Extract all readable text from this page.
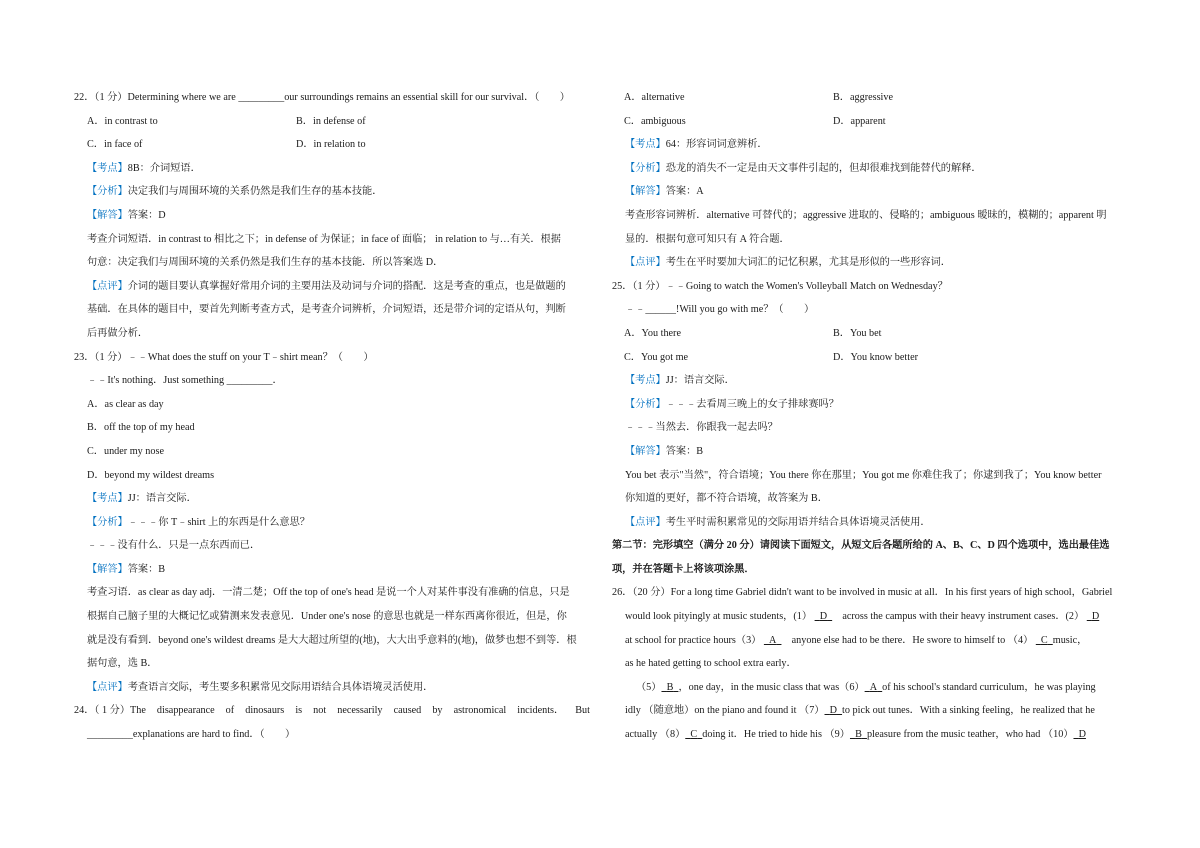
22．（1 分）Determining where we are _________our surroundings remains an essential skill for our survival．（　　）
A．in contrast to	B．in defense of
C．in face of	D．in relation to
【考点】8B：介词短语．
【分析】决定我们与周围环境的关系仍然是我们生存的基本技能．
【解答】答案：D
考查介词短语．in contrast to 相比之下；in defense of 为保证；in face of 面临； in relation to 与…有关．根据
句意：决定我们与周围环境的关系仍然是我们生存的基本技能．所以答案选 D．
【点评】介词的题目要认真掌握好常用介词的主要用法及动词与介词的搭配．这是考查的重点，也是做题的
基础．在具体的题目中，要首先判断考查方式，是考查介词辨析，介词短语，还是带介词的定语从句，判断
后再做分析．
23．（1 分）﹣﹣What does the stuff on your T﹣shirt mean？（　　）
﹣﹣It's nothing．Just something _________．
A．as clear as day
B．off the top of my head
C．under my nose
D．beyond my wildest dreams
【考点】JJ：语言交际．
【分析】﹣﹣﹣你 T﹣shirt 上的东西是什么意思？
﹣﹣﹣没有什么．只是一点东西而已．
【解答】答案：B
考查习语．as clear as day adj．一清二楚；Off the top of one's head 是说一个人对某件事没有准确的信息，只是
根据自己脑子里的大概记忆或猜测来发表意见．Under one's nose 的意思也就是一样东西离你很近，但是，你
就是没有看到．beyond one's wildest dreams 是大大超过所望的(地)，大大出乎意料的(地)，做梦也想不到等．根
据句意，选 B．
【点评】考查语言交际，考生要多积累常见交际用语结合具体语境灵活使用．
24．（ 1 分）The disappearance of dinosaurs is not necessarily caused by astronomical incidents． But
_________explanations are hard to find．（　　）
A．alternative	B．aggressive
C．ambiguous	D．apparent
【考点】64：形容词词意辨析．
【分析】恐龙的消失不一定是由天文事件引起的，但却很难找到能替代的解释．
【解答】答案：A
考查形容词辨析．alternative 可替代的；aggressive 进取的、侵略的；ambiguous 暧昧的，模糊的；apparent 明
显的．根据句意可知只有 A 符合题．
【点评】考生在平时要加大词汇的记忆积累，尤其是形似的一些形容词．
25．（1 分）﹣﹣Going to watch the Women's Volleyball Match on Wednesday？
﹣﹣______!Will you go with me？（　　）
A．You there	B．You bet
C．You got me	D．You know better
【考点】JJ：语言交际．
【分析】﹣﹣﹣去看周三晚上的女子排球赛吗？
﹣﹣﹣当然去．你跟我一起去吗？
【解答】答案：B
You bet 表示"当然"，符合语境；You there 你在那里；You got me 你难住我了；你逮到我了；You know better
你知道的更好，都不符合语境，故答案为 B．
【点评】考生平时需积累常见的交际用语并结合具体语境灵活使用．
第二节：完形填空（满分 20 分）请阅读下面短文，从短文后各题所给的 A、B、C、D 四个选项中，选出最佳选
项，并在答题卡上将该项涂黑．
26．（20 分）For a long time Gabriel didn't want to be involved in music at all．In his first years of high school，Gabriel
would look pityingly at music students，(1） D across the campus with their heavy instrument cases．(2） D
at school for practice hours（3） A anyone else had to be there．He swore to himself to （4） C music，
as he hated getting to school extra early．
（5） B ，one day，in the music class that was（6） A of his school's standard curriculum，he was playing
idly （随意地）on the piano and found it （7） D to pick out tunes．With a sinking feeling，he realized that he
actually （8） C doing it．He tried to hide his （9） B pleasure from the music teather，who had （10） D
